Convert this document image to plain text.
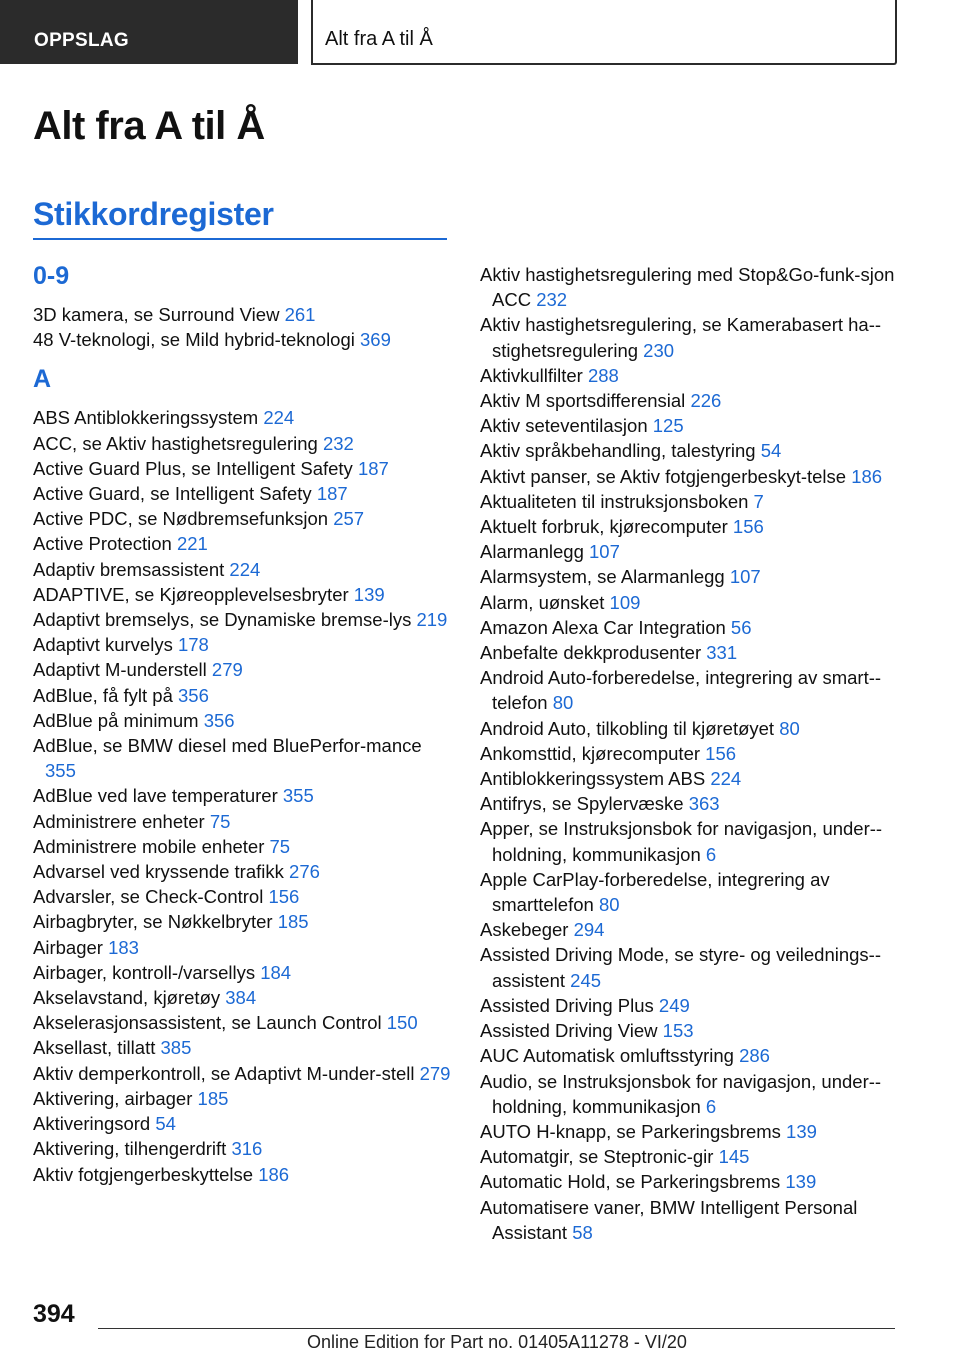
OPPSLAG	Alt fra A til Å
Alt fra A til Å
Stikkordregister
0-9
3D kamera, se Surround View 261
48 V-teknologi, se Mild hybrid-teknologi 369
A
ABS Antiblokkeringssystem 224
ACC, se Aktiv hastighetsregulering 232
Active Guard Plus, se Intelligent Safety 187
Active Guard, se Intelligent Safety 187
Active PDC, se Nødbremsefunksjon 257
Active Protection 221
Adaptiv bremsassistent 224
ADAPTIVE, se Kjøreopplevelsesbryter 139
Adaptivt bremselys, se Dynamiske bremse-lys 219
Adaptivt kurvelys 178
Adaptivt M-understell 279
AdBlue, få fylt på 356
AdBlue på minimum 356
AdBlue, se BMW diesel med BluePerfor-mance 355
AdBlue ved lave temperaturer 355
Administrere enheter 75
Administrere mobile enheter 75
Advarsel ved kryssende trafikk 276
Advarsler, se Check-Control 156
Airbagbryter, se Nøkkelbryter 185
Airbager 183
Airbager, kontroll-/varsellys 184
Akselavstand, kjøretøy 384
Akselerasjonsassistent, se Launch Control 150
Aksellast, tillatt 385
Aktiv demperkontroll, se Adaptivt M-under-stell 279
Aktivering, airbager 185
Aktiveringsord 54
Aktivering, tilhengerdrift 316
Aktiv fotgjengerbeskyttelse 186
Aktiv hastighetsregulering med Stop&Go-funk-sjon ACC 232
Aktiv hastighetsregulering, se Kamerabasert ha-stighetsregulering 230
Aktivkullfilter 288
Aktiv M sportsdifferensial 226
Aktiv seteventilasjon 125
Aktiv språkbehandling, talestyring 54
Aktivt panser, se Aktiv fotgjengerbeskyt-telse 186
Aktualiteten til instruksjonsboken 7
Aktuelt forbruk, kjørecomputer 156
Alarmanlegg 107
Alarmsystem, se Alarmanlegg 107
Alarm, uønsket 109
Amazon Alexa Car Integration 56
Anbefalte dekkprodusenter 331
Android Auto-forberedelse, integrering av smart-telefon 80
Android Auto, tilkobling til kjøretøyet 80
Ankomsttid, kjørecomputer 156
Antiblokkeringssystem ABS 224
Antifrys, se Spylervæske 363
Apper, se Instruksjonsbok for navigasjon, under-holdning, kommunikasjon 6
Apple CarPlay-forberedelse, integrering av smarttelefon 80
Askebeger 294
Assisted Driving Mode, se styre- og veilednings-assistent 245
Assisted Driving Plus 249
Assisted Driving View 153
AUC Automatisk omluftsstyring 286
Audio, se Instruksjonsbok for navigasjon, under-holdning, kommunikasjon 6
AUTO H-knapp, se Parkeringsbrems 139
Automatgir, se Steptronic-gir 145
Automatic Hold, se Parkeringsbrems 139
Automatisere vaner, BMW Intelligent Personal Assistant 58
394
Online Edition for Part no. 01405A11278 - VI/20
